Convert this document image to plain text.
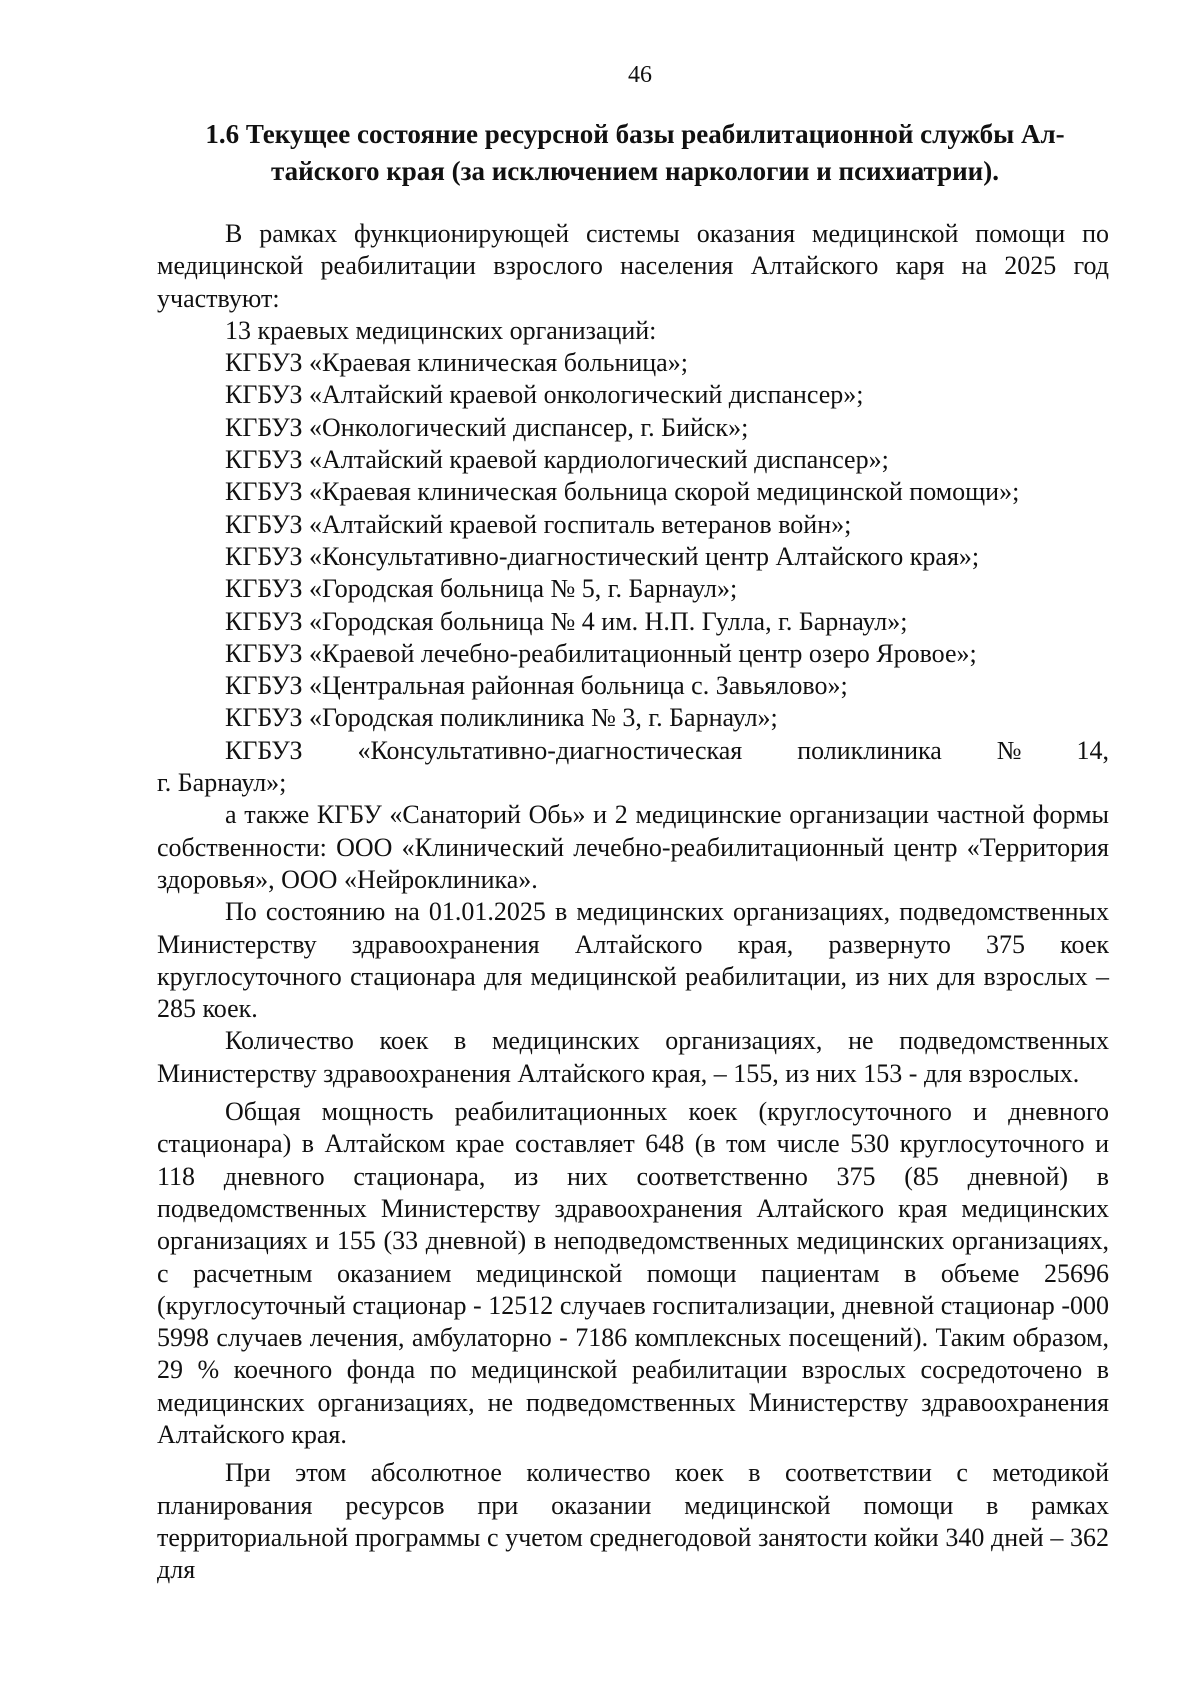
46
1.6 Текущее состояние ресурсной базы реабилитационной службы Ал-
тайского края (за исключением наркологии и психиатрии).

В рамках функционирующей системы оказания медицинской помощи по медицинской реабилитации взрослого населения Алтайского каря на 2025 год участвуют:

13 краевых медицинских организаций:

КГБУЗ «Краевая клиническая больница»;

КГБУЗ «Алтайский краевой онкологический диспансер»;

КГБУЗ «Онкологический диспансер, г. Бийск»;

КГБУЗ «Алтайский краевой кардиологический диспансер»;

КГБУЗ «Краевая клиническая больница скорой медицинской помощи»;

КГБУЗ «Алтайский краевой госпиталь ветеранов войн»;

КГБУЗ «Консультативно-диагностический центр Алтайского края»;

КГБУЗ «Городская больница № 5, г. Барнаул»;

КГБУЗ «Городская больница № 4 им. Н.П. Гулла, г. Барнаул»;

КГБУЗ «Краевой лечебно-реабилитационный центр озеро Яровое»;

КГБУЗ «Центральная районная больница с. Завьялово»;

КГБУЗ «Городская поликлиника № 3, г. Барнаул»;

КГБУЗ «Консультативно-диагностическая поликлиника № 14,

г. Барнаул»;

а также КГБУ «Санаторий Обь» и 2 медицинские организации частной формы собственности: ООО «Клинический лечебно-реабилитационный центр «Территория здоровья», ООО «Нейроклиника».

По состоянию на 01.01.2025 в медицинских организациях, подведомственных Министерству здравоохранения Алтайского края, развернуто 375 коек круглосуточного стационара для медицинской реабилитации, из них для взрослых – 285 коек.

Количество коек в медицинских организациях, не подведомственных Министерству здравоохранения Алтайского края, – 155, из них 153 - для взрослых.

Общая мощность реабилитационных коек (круглосуточного и дневного стационара) в Алтайском крае составляет 648 (в том числе 530 круглосуточного и 118 дневного стационара, из них соответственно 375 (85 дневной) в подведомственных Министерству здравоохранения Алтайского края медицинских организациях и 155 (33 дневной) в неподведомственных медицинских организациях, с расчетным оказанием медицинской помощи пациентам в объеме 25696 (круглосуточный стационар - 12512 случаев госпитализации, дневной стационар -000 5998 случаев лечения, амбулаторно - 7186 комплексных посещений). Таким образом, 29 % коечного фонда по медицинской реабилитации взрослых сосредоточено в медицинских организациях, не подведомственных Министерству здравоохранения Алтайского края.

При этом абсолютное количество коек в соответствии с методикой планирования ресурсов при оказании медицинской помощи в рамках территориальной программы с учетом среднегодовой занятости койки 340 дней – 362 для
